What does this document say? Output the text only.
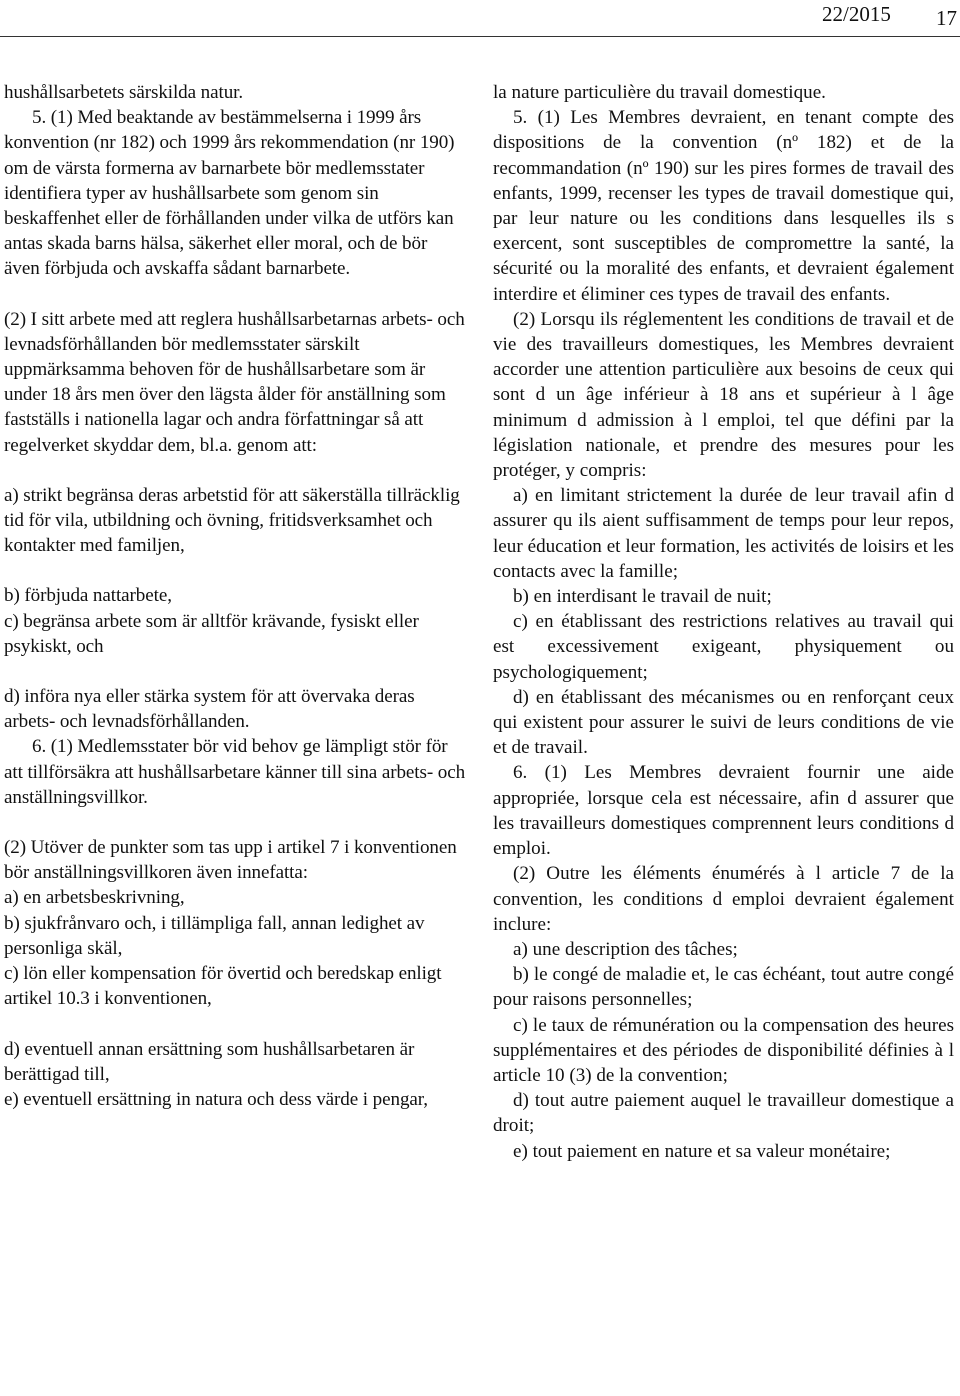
22/2015 17

hushållsarbetets särskilda natur.

5. (1) Med beaktande av bestämmelserna i 1999 års konvention (nr 182) och 1999 års rekommendation (nr 190) om de värsta formerna av barnarbete bör medlemsstater identifiera typer av hushållsarbete som genom sin beskaffenhet eller de förhållanden under vilka de utförs kan antas skada barns hälsa, säkerhet eller moral, och de bör även förbjuda och avskaffa sådant barnarbete.

(2) I sitt arbete med att reglera hushållsarbetarnas arbets- och levnadsförhållanden bör medlemsstater särskilt uppmärksamma behoven för de hushållsarbetare som är under 18 års men över den lägsta ålder för anställning som fastställs i nationella lagar och andra författningar så att regelverket skyddar dem, bl.a. genom att:

a) strikt begränsa deras arbetstid för att säkerställa tillräcklig tid för vila, utbildning och övning, fritidsverksamhet och kontakter med familjen,

b) förbjuda nattarbete,

c) begränsa arbete som är alltför krävande, fysiskt eller psykiskt, och

d) införa nya eller stärka system för att övervaka deras arbets- och levnadsförhållanden.

6. (1) Medlemsstater bör vid behov ge lämpligt stör för att tillförsäkra att hushållsarbetare känner till sina arbets- och anställningsvillkor.

(2) Utöver de punkter som tas upp i artikel 7 i konventionen bör anställningsvillkoren även innefatta:

a) en arbetsbeskrivning,

b) sjukfrånvaro och, i tillämpliga fall, annan ledighet av personliga skäl,

c) lön eller kompensation för övertid och beredskap enligt artikel 10.3 i konventionen,

d) eventuell annan ersättning som hushållsarbetaren är berättigad till,

e) eventuell ersättning in natura och dess värde i pengar,

la nature particulière du travail domestique.

5. (1) Les Membres devraient, en tenant compte des dispositions de la convention (nº 182) et de la recommandation (nº 190) sur les pires formes de travail des enfants, 1999, recenser les types de travail domestique qui, par leur nature ou les conditions dans lesquelles ils s exercent, sont susceptibles de compromettre la santé, la sécurité ou la moralité des enfants, et devraient également interdire et éliminer ces types de travail des enfants.

(2) Lorsqu ils réglementent les conditions de travail et de vie des travailleurs domestiques, les Membres devraient accorder une attention particulière aux besoins de ceux qui sont d un âge inférieur à 18 ans et supérieur à l âge minimum d admission à l emploi, tel que défini par la législation nationale, et prendre des mesures pour les protéger, y compris:

a) en limitant strictement la durée de leur travail afin d assurer qu ils aient suffisamment de temps pour leur repos, leur éducation et leur formation, les activités de loisirs et les contacts avec la famille;

b) en interdisant le travail de nuit;

c) en établissant des restrictions relatives au travail qui est excessivement exigeant, physiquement ou psychologiquement;

d) en établissant des mécanismes ou en renforçant ceux qui existent pour assurer le suivi de leurs conditions de vie et de travail.

6. (1) Les Membres devraient fournir une aide appropriée, lorsque cela est nécessaire, afin d assurer que les travailleurs domestiques comprennent leurs conditions d emploi.

(2) Outre les éléments énumérés à l article 7 de la convention, les conditions d emploi devraient également inclure:

a) une description des tâches;

b) le congé de maladie et, le cas échéant, tout autre congé pour raisons personnelles;

c) le taux de rémunération ou la compensation des heures supplémentaires et des périodes de disponibilité définies à l article 10 (3) de la convention;

d) tout autre paiement auquel le travailleur domestique a droit;

e) tout paiement en nature et sa valeur monétaire;
